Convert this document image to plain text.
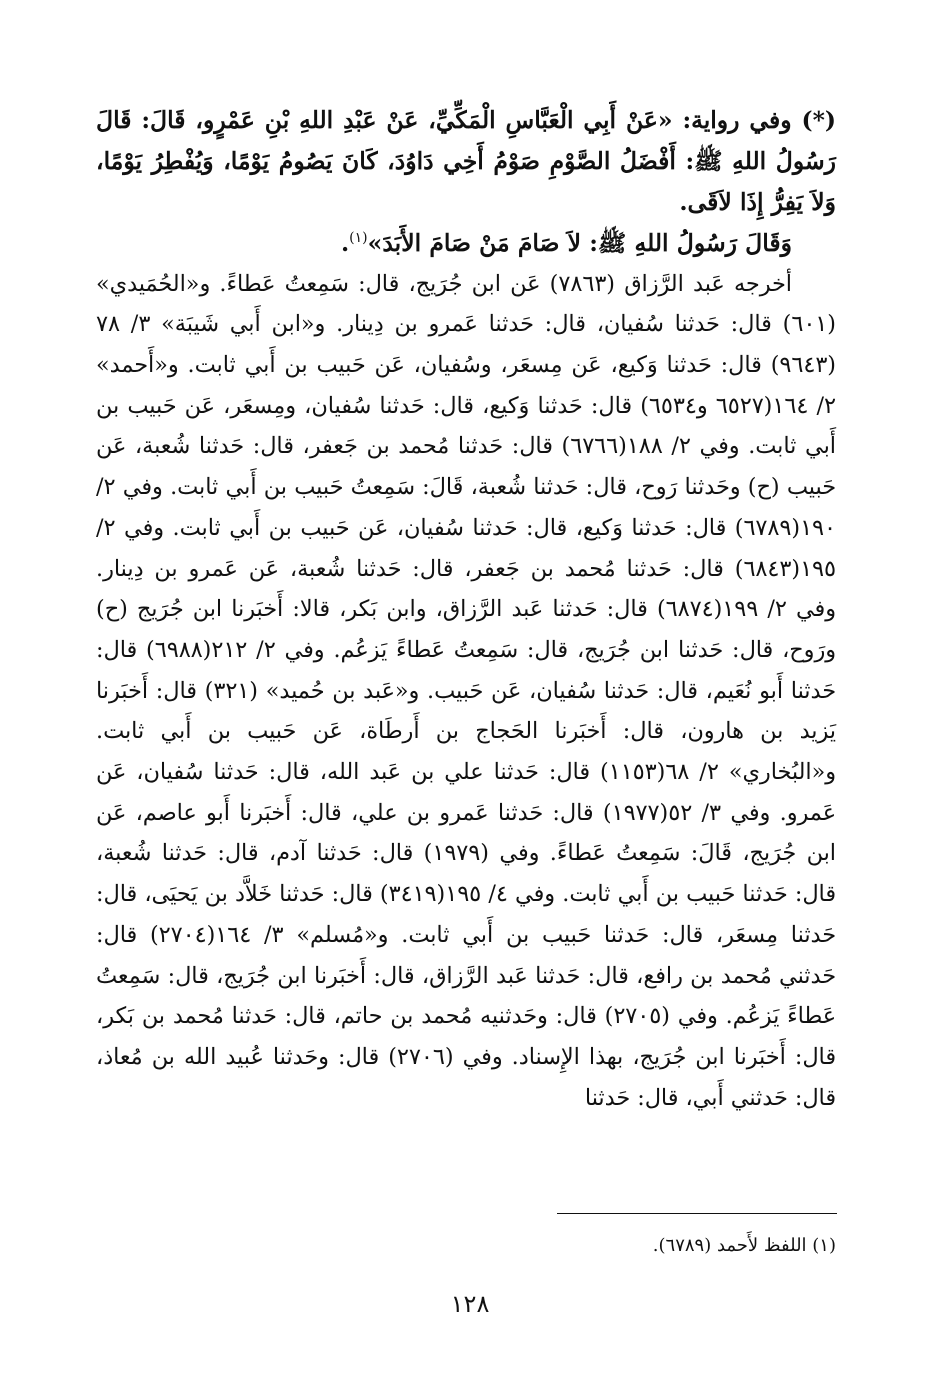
(*) وفي رواية: «عَنْ أَبِي الْعَبَّاسِ الْمَكِّيِّ، عَنْ عَبْدِ اللهِ بْنِ عَمْرٍو، قَالَ: قَالَ رَسُولُ اللهِ ﷺ: أَفْضَلُ الصَّوْمِ صَوْمُ أَخِي دَاوُدَ، كَانَ يَصُومُ يَوْمًا، وَيُفْطِرُ يَوْمًا، وَلاَ يَفِرُّ إِذَا لاَقَى.

وَقَالَ رَسُولُ اللهِ ﷺ: لاَ صَامَ مَنْ صَامَ الأَبَدَ»$^{(١)}$.

أخرجه عَبد الرَّزاق (٧٨٦٣) عَن ابن جُرَيج، قال: سَمِعتُ عَطاءً. و«الحُمَيدي» (٦٠١) قال: حَدثنا سُفيان، قال: حَدثنا عَمرو بن دِينار. و«ابن أَبي شَيبَة» ٣/ ٧٨ (٩٦٤٣) قال: حَدثنا وَكيع، عَن مِسعَر، وسُفيان، عَن حَبيب بن أَبي ثابت. و«أَحمد» ٢/ ١٦٤(٦٥٢٧ و٦٥٣٤) قال: حَدثنا وَكيع، قال: حَدثنا سُفيان، ومِسعَر، عَن حَبيب بن أَبي ثابت. وفي ٢/ ١٨٨(٦٧٦٦) قال: حَدثنا مُحمد بن جَعفر، قال: حَدثنا شُعبة، عَن حَبيب (ح) وحَدثنا رَوح، قال: حَدثنا شُعبة، قَالَ: سَمِعتُ حَبيب بن أَبي ثابت. وفي ٢/ ١٩٠(٦٧٨٩) قال: حَدثنا وَكيع، قال: حَدثنا سُفيان، عَن حَبيب بن أَبي ثابت. وفي ٢/ ١٩٥(٦٨٤٣) قال: حَدثنا مُحمد بن جَعفر، قال: حَدثنا شُعبة، عَن عَمرو بن دِينار. وفي ٢/ ١٩٩(٦٨٧٤) قال: حَدثنا عَبد الرَّزاق، وابن بَكر، قالا: أَخبَرنا ابن جُرَيج (ح) ورَوح، قال: حَدثنا ابن جُرَيج، قال: سَمِعتُ عَطاءً يَزعُم. وفي ٢/ ٢١٢(٦٩٨٨) قال: حَدثنا أَبو نُعَيم، قال: حَدثنا سُفيان، عَن حَبيب. و«عَبد بن حُميد» (٣٢١) قال: أَخبَرنا يَزيد بن هارون، قال: أَخبَرنا الحَجاج بن أَرطَاة، عَن حَبيب بن أَبي ثابت. و«البُخاري» ٢/ ٦٨(١١٥٣) قال: حَدثنا علي بن عَبد الله، قال: حَدثنا سُفيان، عَن عَمرو. وفي ٣/ ٥٢(١٩٧٧) قال: حَدثنا عَمرو بن علي، قال: أَخبَرنا أَبو عاصم، عَن ابن جُرَيج، قَالَ: سَمِعتُ عَطاءً. وفي (١٩٧٩) قال: حَدثنا آدم، قال: حَدثنا شُعبة، قال: حَدثنا حَبيب بن أَبي ثابت. وفي ٤/ ١٩٥(٣٤١٩) قال: حَدثنا خَلاَّد بن يَحيَى، قال: حَدثنا مِسعَر، قال: حَدثنا حَبيب بن أَبي ثابت. و«مُسلم» ٣/ ١٦٤(٢٧٠٤) قال: حَدثني مُحمد بن رافع، قال: حَدثنا عَبد الرَّزاق، قال: أَخبَرنا ابن جُرَيج، قال: سَمِعتُ عَطاءً يَزعُم. وفي (٢٧٠٥) قال: وحَدثنيه مُحمد بن حاتم، قال: حَدثنا مُحمد بن بَكر، قال: أَخبَرنا ابن جُرَيج، بهذا الإِسناد. وفي (٢٧٠٦) قال: وحَدثنا عُبيد الله بن مُعاذ، قال: حَدثني أَبي، قال: حَدثنا

(١) اللفظ لأَحمد (٦٧٨٩).
١٢٨
